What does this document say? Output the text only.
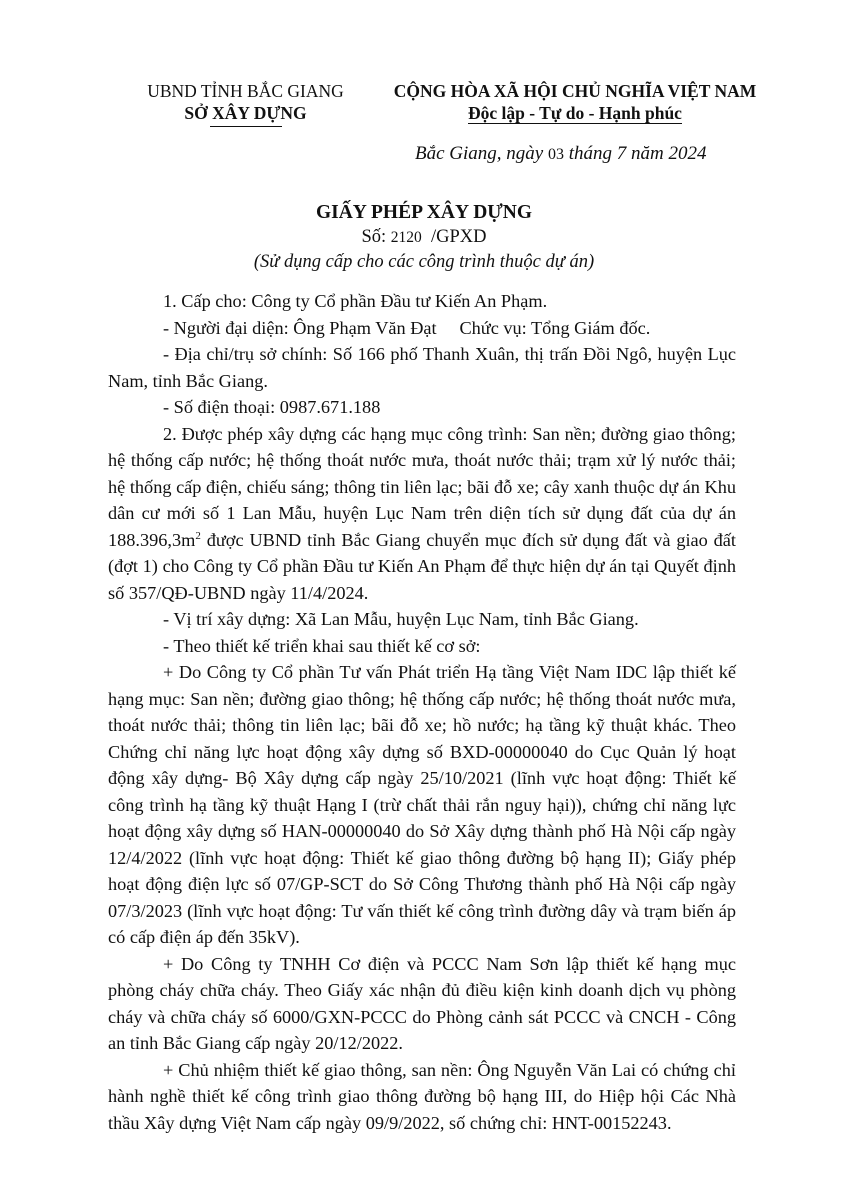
UBND TỈNH BẮC GIANG
SỞ XÂY DỰNG
CỘNG HÒA XÃ HỘI CHỦ NGHĨA VIỆT NAM
Độc lập - Tự do - Hạnh phúc
Bắc Giang, ngày 03 tháng 7 năm 2024
GIẤY PHÉP XÂY DỰNG
Số: 2120 /GPXD
(Sử dụng cấp cho các công trình thuộc dự án)

1. Cấp cho: Công ty Cổ phần Đầu tư Kiến An Phạm.

- Người đại diện: Ông Phạm Văn Đạt     Chức vụ: Tổng Giám đốc.

- Địa chỉ/trụ sở chính: Số 166 phố Thanh Xuân, thị trấn Đồi Ngô, huyện Lục Nam, tỉnh Bắc Giang.

- Số điện thoại: 0987.671.188

2. Được phép xây dựng các hạng mục công trình: San nền; đường giao thông; hệ thống cấp nước; hệ thống thoát nước mưa, thoát nước thải; trạm xử lý nước thải; hệ thống cấp điện, chiếu sáng; thông tin liên lạc; bãi đỗ xe; cây xanh thuộc dự án Khu dân cư mới số 1 Lan Mẫu, huyện Lục Nam trên diện tích sử dụng đất của dự án $188.396,3m^2$ được UBND tỉnh Bắc Giang chuyển mục đích sử dụng đất và giao đất (đợt 1) cho Công ty Cổ phần Đầu tư Kiến An Phạm để thực hiện dự án tại Quyết định số 357/QĐ-UBND ngày 11/4/2024.

- Vị trí xây dựng: Xã Lan Mẫu, huyện Lục Nam, tỉnh Bắc Giang.

- Theo thiết kế triển khai sau thiết kế cơ sở:

+ Do Công ty Cổ phần Tư vấn Phát triển Hạ tầng Việt Nam IDC lập thiết kế hạng mục: San nền; đường giao thông; hệ thống cấp nước; hệ thống thoát nước mưa, thoát nước thải; thông tin liên lạc; bãi đỗ xe; hồ nước; hạ tầng kỹ thuật khác. Theo Chứng chỉ năng lực hoạt động xây dựng số BXD-00000040 do Cục Quản lý hoạt động xây dựng- Bộ Xây dựng cấp ngày 25/10/2021 (lĩnh vực hoạt động: Thiết kế công trình hạ tầng kỹ thuật Hạng I (trừ chất thải rắn nguy hại)), chứng chỉ năng lực hoạt động xây dựng số HAN-00000040 do Sở Xây dựng thành phố Hà Nội cấp ngày 12/4/2022 (lĩnh vực hoạt động: Thiết kế giao thông đường bộ hạng II); Giấy phép hoạt động điện lực số 07/GP-SCT do Sở Công Thương thành phố Hà Nội cấp ngày 07/3/2023 (lĩnh vực hoạt động: Tư vấn thiết kế công trình đường dây và trạm biến áp có cấp điện áp đến 35kV).

+ Do Công ty TNHH Cơ điện và PCCC Nam Sơn lập thiết kế hạng mục phòng cháy chữa cháy. Theo Giấy xác nhận đủ điều kiện kinh doanh dịch vụ phòng cháy và chữa cháy số 6000/GXN-PCCC do Phòng cảnh sát PCCC và CNCH - Công an tỉnh Bắc Giang cấp ngày 20/12/2022.

+ Chủ nhiệm thiết kế giao thông, san nền: Ông Nguyễn Văn Lai có chứng chỉ hành nghề thiết kế công trình giao thông đường bộ hạng III, do Hiệp hội Các Nhà thầu Xây dựng Việt Nam cấp ngày 09/9/2022, số chứng chỉ: HNT-00152243.
